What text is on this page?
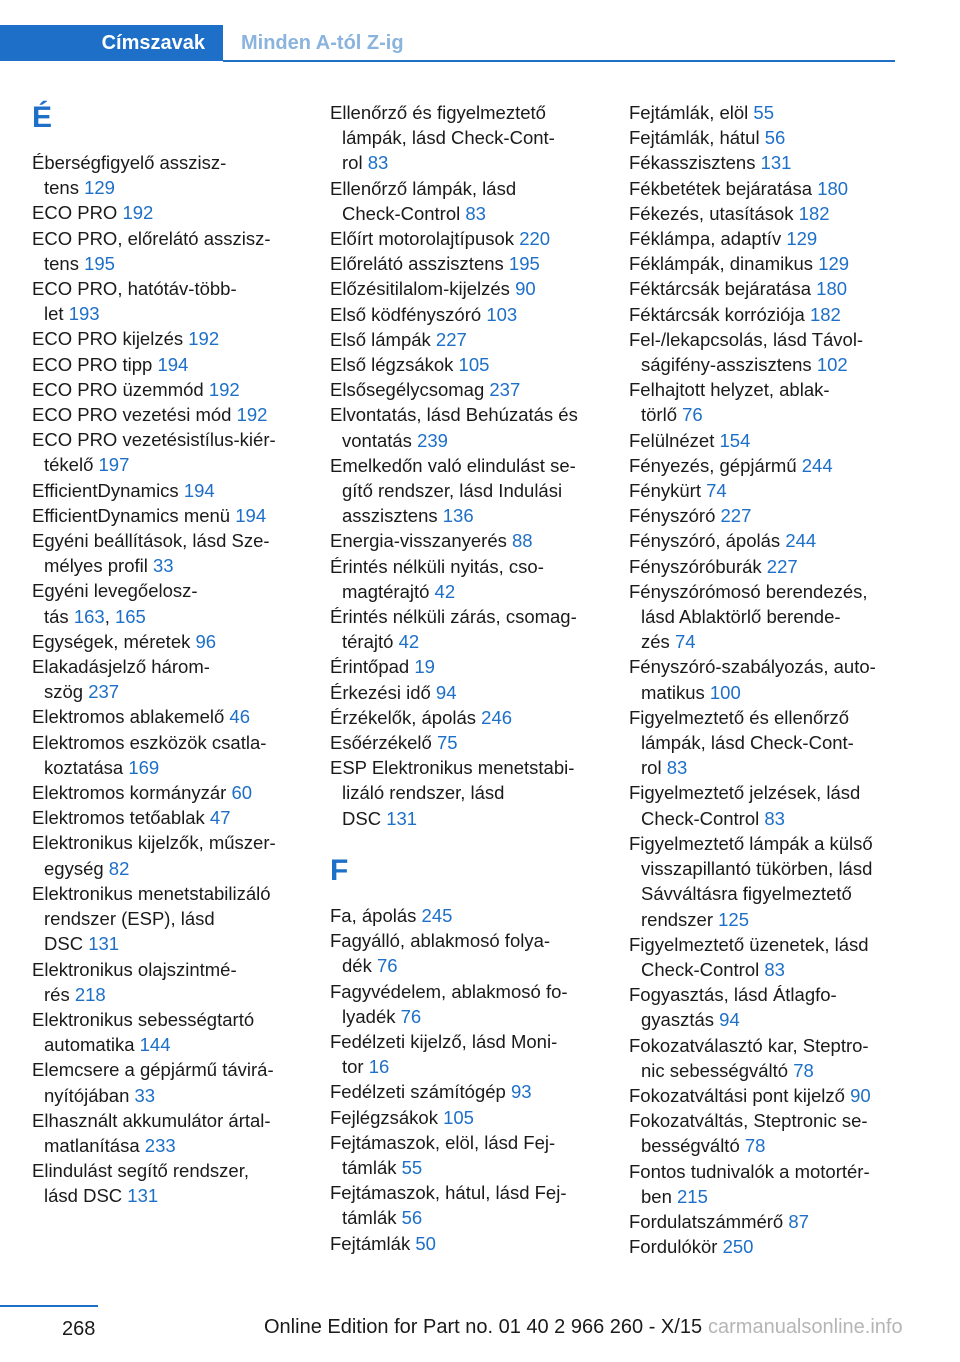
Címszavak	Minden A-tól Z-ig
É
Éberségfigyelő asszisz-
tens 129
ECO PRO 192
ECO PRO, előrelátó asszisz-
tens 195
ECO PRO, hatótáv-több-
let 193
ECO PRO kijelzés 192
ECO PRO tipp 194
ECO PRO üzemmód 192
ECO PRO vezetési mód 192
ECO PRO vezetésistílus-kiér-
tékelő 197
EfficientDynamics 194
EfficientDynamics menü 194
Egyéni beállítások, lásd Sze-
mélyes profil 33
Egyéni levegőelosz-
tás 163, 165
Egységek, méretek 96
Elakadásjelző három-
szög 237
Elektromos ablakemelő 46
Elektromos eszközök csatla-
koztatása 169
Elektromos kormányzár 60
Elektromos tetőablak 47
Elektronikus kijelzők, műszer-
egység 82
Elektronikus menetstabilizáló
rendszer (ESP), lásd
DSC 131
Elektronikus olajszintmé-
rés 218
Elektronikus sebességtartó
automatika 144
Elemcsere a gépjármű távirá-
nyítójában 33
Elhasznált akkumulátor ártal-
matlanítása 233
Elindulást segítő rendszer,
lásd DSC 131
Ellenőrző és figyelmeztető
lámpák, lásd Check-Cont-
rol 83
Ellenőrző lámpák, lásd
Check-Control 83
Előírt motorolajtípusok 220
Előrelátó asszisztens 195
Előzésitilalom-kijelzés 90
Első ködfényszóró 103
Első lámpák 227
Első légzsákok 105
Elsősegélycsomag 237
Elvontatás, lásd Behúzatás és
vontatás 239
Emelkedőn való elindulást se-
gítő rendszer, lásd Indulási
asszisztens 136
Energia-visszanyerés 88
Érintés nélküli nyitás, cso-
magtérajtó 42
Érintés nélküli zárás, csomag-
térajtó 42
Érintőpad 19
Érkezési idő 94
Érzékelők, ápolás 246
Esőérzékelő 75
ESP Elektronikus menetstabi-
lizáló rendszer, lásd
DSC 131
F
Fa, ápolás 245
Fagyálló, ablakmosó folya-
dék 76
Fagyvédelem, ablakmosó fo-
lyadék 76
Fedélzeti kijelző, lásd Moni-
tor 16
Fedélzeti számítógép 93
Fejlégzsákok 105
Fejtámaszok, elöl, lásd Fej-
támlák 55
Fejtámaszok, hátul, lásd Fej-
támlák 56
Fejtámlák 50
Fejtámlák, elöl 55
Fejtámlák, hátul 56
Fékasszisztens 131
Fékbetétek bejáratása 180
Fékezés, utasítások 182
Féklámpa, adaptív 129
Féklámpák, dinamikus 129
Féktárcsák bejáratása 180
Féktárcsák korróziója 182
Fel-/lekapcsolás, lásd Távol-
ságifény-asszisztens 102
Felhajtott helyzet, ablak-
törlő 76
Felülnézet 154
Fényezés, gépjármű 244
Fénykürt 74
Fényszóró 227
Fényszóró, ápolás 244
Fényszóróburák 227
Fényszórómosó berendezés,
lásd Ablaktörlő berende-
zés 74
Fényszóró-szabályozás, auto-
matikus 100
Figyelmeztető és ellenőrző
lámpák, lásd Check-Cont-
rol 83
Figyelmeztető jelzések, lásd
Check-Control 83
Figyelmeztető lámpák a külső
visszapillantó tükörben, lásd
Sávváltásra figyelmeztető
rendszer 125
Figyelmeztető üzenetek, lásd
Check-Control 83
Fogyasztás, lásd Átlagfo-
gyasztás 94
Fokozatválasztó kar, Steptro-
nic sebességváltó 78
Fokozatváltási pont kijelző 90
Fokozatváltás, Steptronic se-
bességváltó 78
Fontos tudnivalók a motortér-
ben 215
Fordulatszámmérő 87
Fordulókör 250
268	Online Edition for Part no. 01 40 2 966 260 - X/15 carmanualsonline.info
